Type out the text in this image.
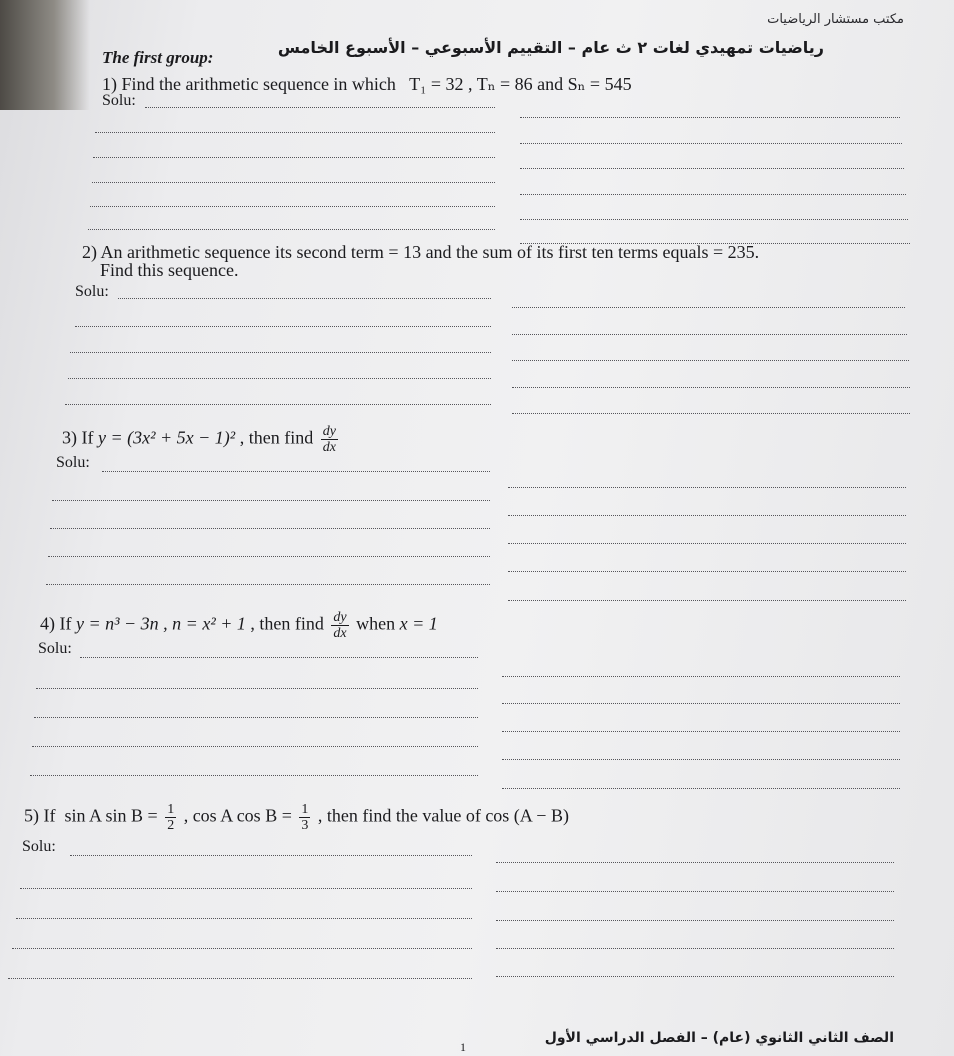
مكتب مستشار الرياضيات
رياضيات تمهيدي لغات ٢ ث عام – التقييم الأسبوعي – الأسبوع الخامس
The first group:
1) Find the arithmetic sequence in which T₁ = 32 , Tₙ = 86 and Sₙ = 545
Solu:
2) An arithmetic sequence its second term = 13 and the sum of its first ten terms equals = 235.
Find this sequence.
Solu:
3) If y = (3x² + 5x − 1)² , then find $\frac{dy}{dx}$
Solu:
4) If y = n³ − 3n , n = x² + 1 , then find $\frac{dy}{dx}$ when x = 1
Solu:
5) If sin A $\sin B = \frac{1}{2}$ , cos A $\cos B = \frac{1}{3}$ , then find the value of cos (A − B)
Solu:
1
الصف الثاني الثانوي (عام) – الفصل الدراسي الأول
